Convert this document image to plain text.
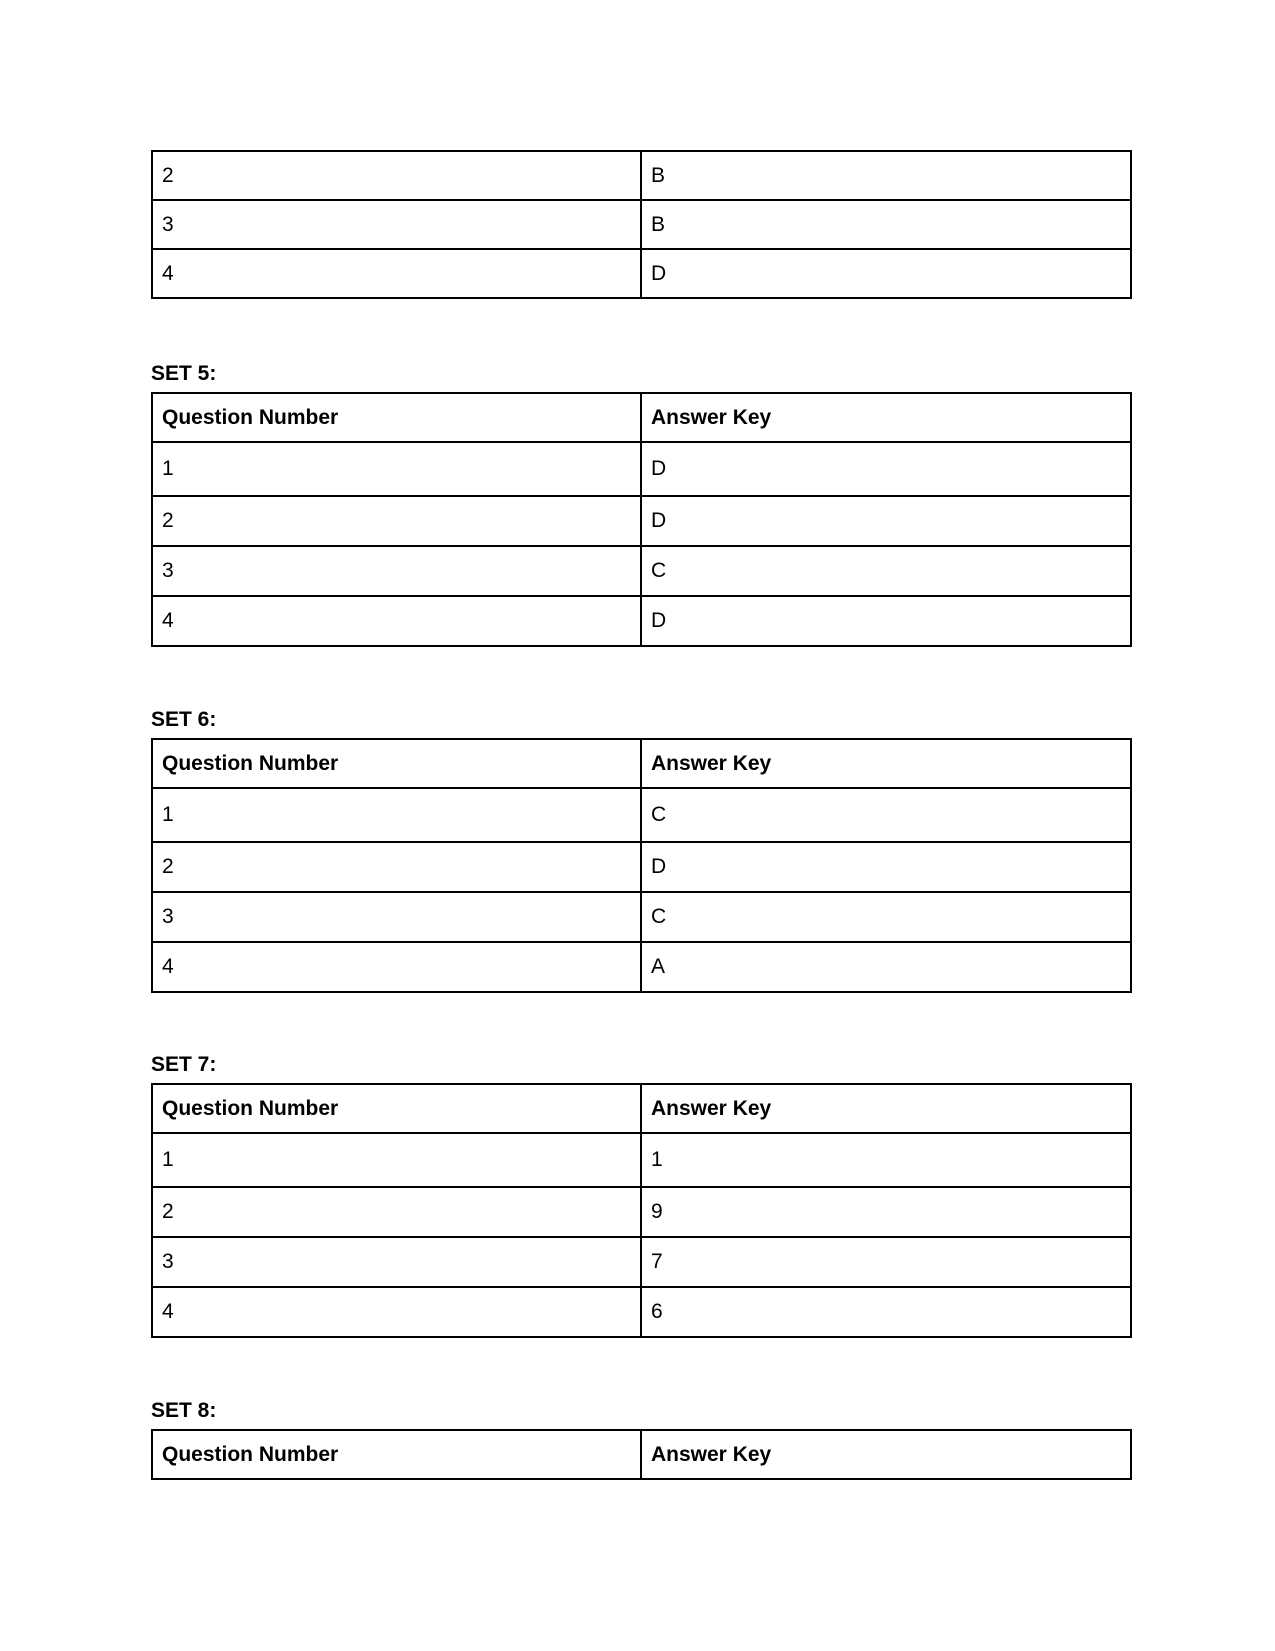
2	B
3	B
4	D

SET 5:

Question Number	Answer Key
1	D
2	D
3	C
4	D

SET 6:

Question Number	Answer Key
1	C
2	D
3	C
4	A

SET 7:

Question Number	Answer Key
1	1
2	9
3	7
4	6

SET 8:

Question Number	Answer Key
